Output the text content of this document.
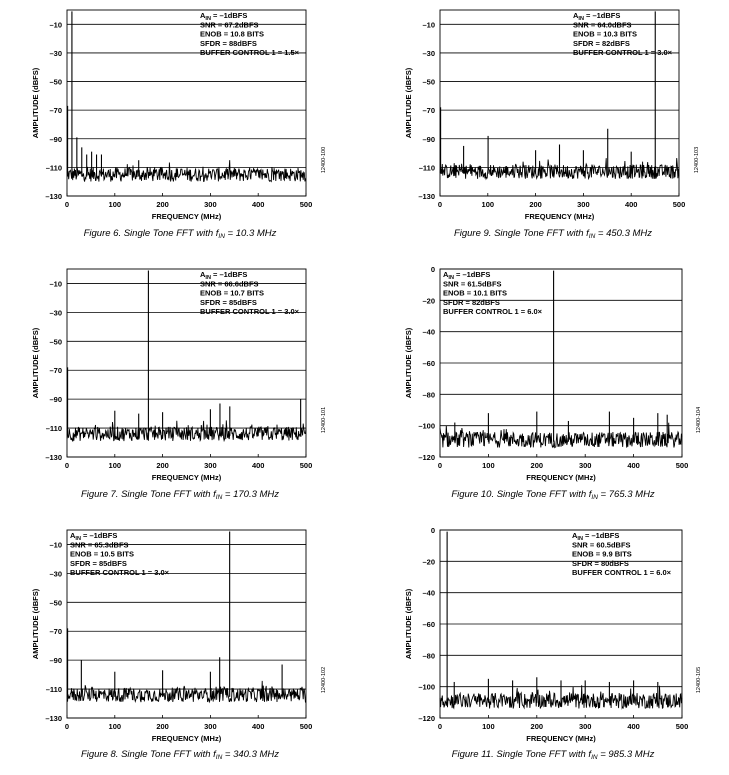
–10
–30
–50
–70
–90
–110
–130
0	100	200	300	400	500
$A_{IN}$ = –1dBFS
SNR = 67.2dBFS
ENOB = 10.8 BITS
SFDR = 88dBFS
BUFFER CONTROL 1 = 1.5×
FREQUENCY (MHz)
AMPLITUDE (dBFS)
12400-100
Figure 6. Single Tone FFT with $f_{IN} = 10.3$ MHz
–10
–30
–50
–70
–90
–110
–130
0	100	200	300	400	500
$A_{IN}$ = –1dBFS
SNR = 64.0dBFS
ENOB = 10.3 BITS
SFDR = 82dBFS
BUFFER CONTROL 1 = 3.0×
FREQUENCY (MHz)
AMPLITUDE (dBFS)
12400-103
Figure 9. Single Tone FFT with $f_{IN} = 450.3$ MHz
–10
–30
–50
–70
–90
–110
–130
0	100	200	300	400	500
$A_{IN}$ = –1dBFS
SNR = 66.6dBFS
ENOB = 10.7 BITS
SFDR = 85dBFS
BUFFER CONTROL 1 = 3.0×
FREQUENCY (MHz)
AMPLITUDE (dBFS)
12400-101
Figure 7. Single Tone FFT with $f_{IN} = 170.3$ MHz
0
–20
–40
–60
–80
–100
–120
0	100	200	300	400	500
$A_{IN}$ = –1dBFS
SNR = 61.5dBFS
ENOB = 10.1 BITS
SFDR = 82dBFS
BUFFER CONTROL 1 = 6.0×
FREQUENCY (MHz)
AMPLITUDE (dBFS)
12400-104
Figure 10. Single Tone FFT with $f_{IN} = 765.3$ MHz
–10
–30
–50
–70
–90
–110
–130
0	100	200	300	400	500
$A_{IN}$ = –1dBFS
SNR = 65.3dBFS
ENOB = 10.5 BITS
SFDR = 85dBFS
BUFFER CONTROL 1 = 3.0×
FREQUENCY (MHz)
AMPLITUDE (dBFS)
12400-102
Figure 8. Single Tone FFT with $f_{IN} = 340.3$ MHz
0
–20
–40
–60
–80
–100
–120
0	100	200	300	400	500
$A_{IN}$ = –1dBFS
SNR = 60.5dBFS
ENOB = 9.9 BITS
SFDR = 80dBFS
BUFFER CONTROL 1 = 6.0×
FREQUENCY (MHz)
AMPLITUDE (dBFS)
12400-105
Figure 11. Single Tone FFT with $f_{IN} = 985.3$ MHz
